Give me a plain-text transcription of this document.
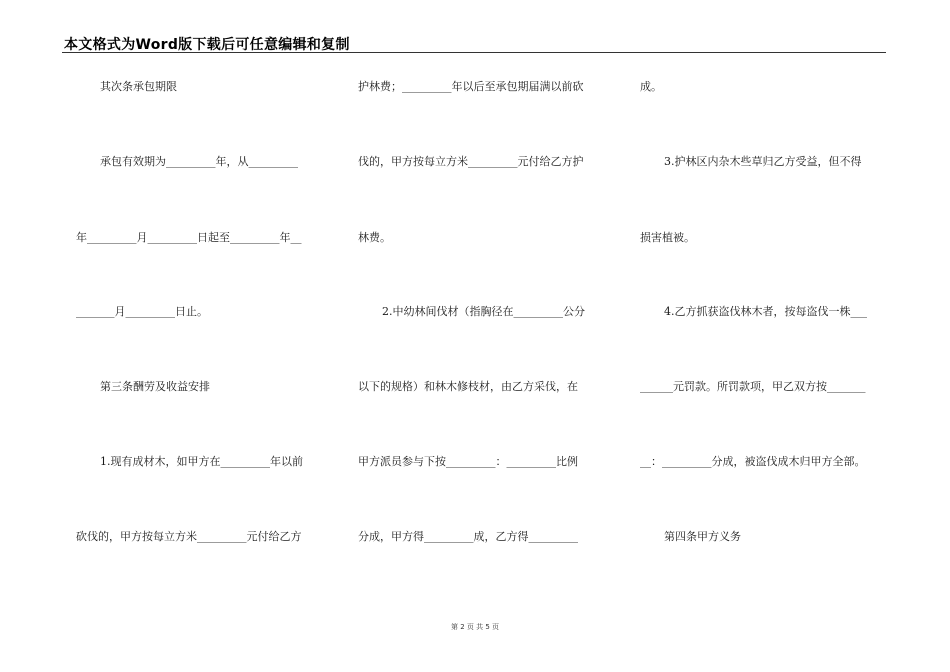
本文格式为Word版下载后可任意编辑和复制
其次条承包期限
承包有效期为_________年，从_________
年_________月_________日起至_________年__
_______月_________日止。
第三条酬劳及收益安排
1.现有成材木，如甲方在_________年以前
砍伐的，甲方按每立方米_________元付给乙方
护林费；_________年以后至承包期届满以前砍
伐的，甲方按每立方米_________元付给乙方护
林费。
2.中幼林间伐材（指胸径在_________公分
以下的规格）和林木修枝材，由乙方采伐，在
甲方派员参与下按_________：_________比例
分成，甲方得_________成，乙方得_________
成。
3.护林区内杂木些草归乙方受益，但不得
损害植被。
4.乙方抓获盗伐林木者，按每盗伐一株___
______元罚款。所罚款项，甲乙双方按_______
__：_________分成，被盗伐成木归甲方全部。
第四条甲方义务
第 2 页 共 5 页
